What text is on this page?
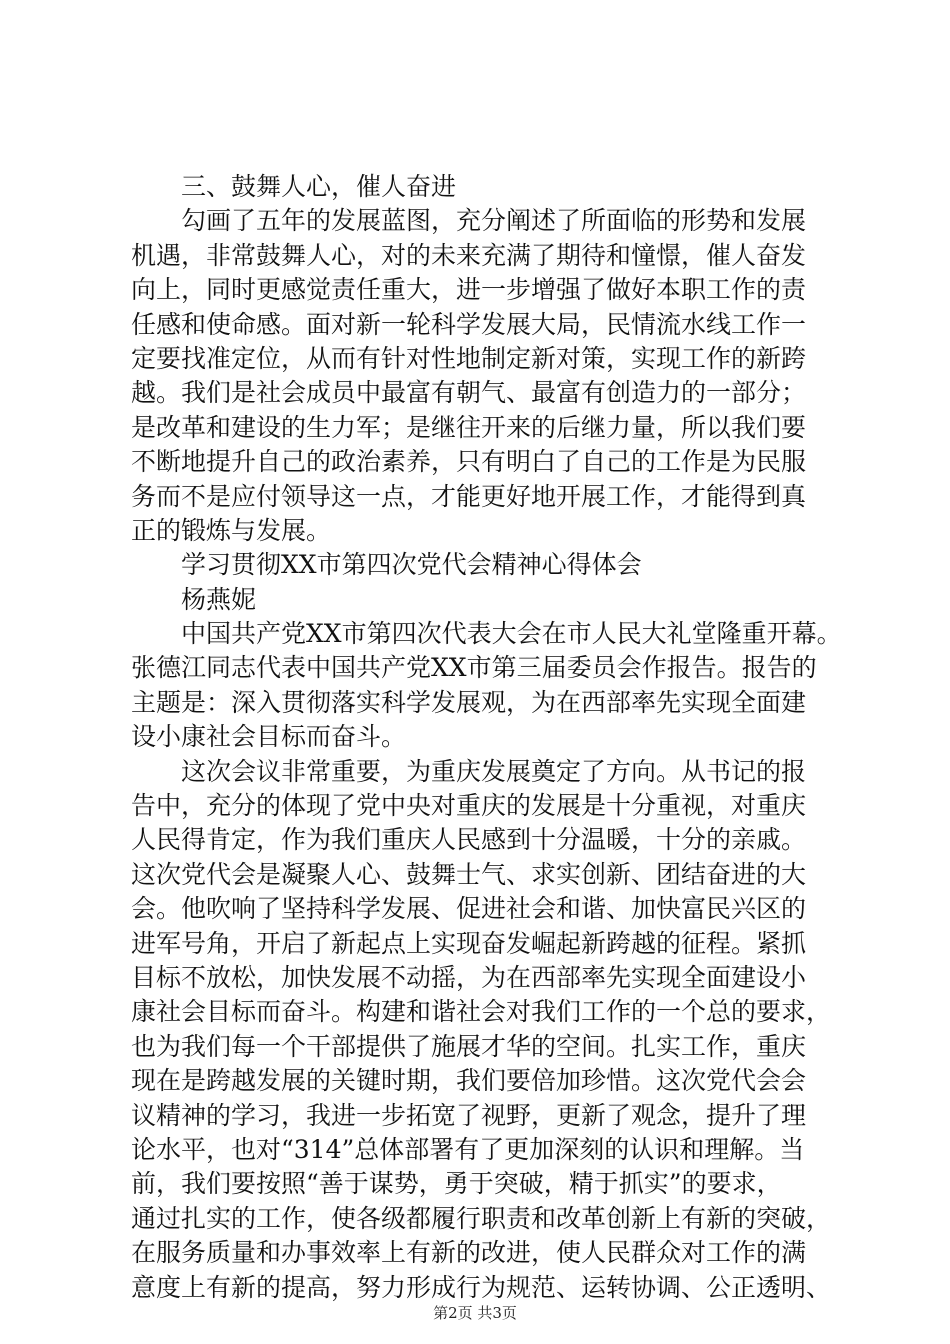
三、鼓舞人心，催人奋进
勾画了五年的发展蓝图，充分阐述了所面临的形势和发展
机遇，非常鼓舞人心，对的未来充满了期待和憧憬，催人奋发
向上，同时更感觉责任重大，进一步增强了做好本职工作的责
任感和使命感。面对新一轮科学发展大局，民情流水线工作一
定要找准定位，从而有针对性地制定新对策，实现工作的新跨
越。我们是社会成员中最富有朝气、最富有创造力的一部分；
是改革和建设的生力军；是继往开来的后继力量，所以我们要
不断地提升自己的政治素养，只有明白了自己的工作是为民服
务而不是应付领导这一点，才能更好地开展工作，才能得到真
正的锻炼与发展。
学习贯彻XX市第四次党代会精神心得体会
杨燕妮
中国共产党XX市第四次代表大会在市人民大礼堂隆重开幕。
张德江同志代表中国共产党XX市第三届委员会作报告。报告的
主题是：深入贯彻落实科学发展观，为在西部率先实现全面建
设小康社会目标而奋斗。
这次会议非常重要，为重庆发展奠定了方向。从书记的报
告中，充分的体现了党中央对重庆的发展是十分重视，对重庆
人民得肯定，作为我们重庆人民感到十分温暖，十分的亲戚。
这次党代会是凝聚人心、鼓舞士气、求实创新、团结奋进的大
会。他吹响了坚持科学发展、促进社会和谐、加快富民兴区的
进军号角，开启了新起点上实现奋发崛起新跨越的征程。紧抓
目标不放松，加快发展不动摇，为在西部率先实现全面建设小
康社会目标而奋斗。构建和谐社会对我们工作的一个总的要求，
也为我们每一个干部提供了施展才华的空间。扎实工作，重庆
现在是跨越发展的关键时期，我们要倍加珍惜。这次党代会会
议精神的学习，我进一步拓宽了视野，更新了观念，提升了理
论水平，也对“314”总体部署有了更加深刻的认识和理解。当
前，我们要按照“善于谋势，勇于突破，精于抓实”的要求，
通过扎实的工作，使各级都履行职责和改革创新上有新的突破，
在服务质量和办事效率上有新的改进，使人民群众对工作的满
意度上有新的提高，努力形成行为规范、运转协调、公正透明、
第2页 共3页
